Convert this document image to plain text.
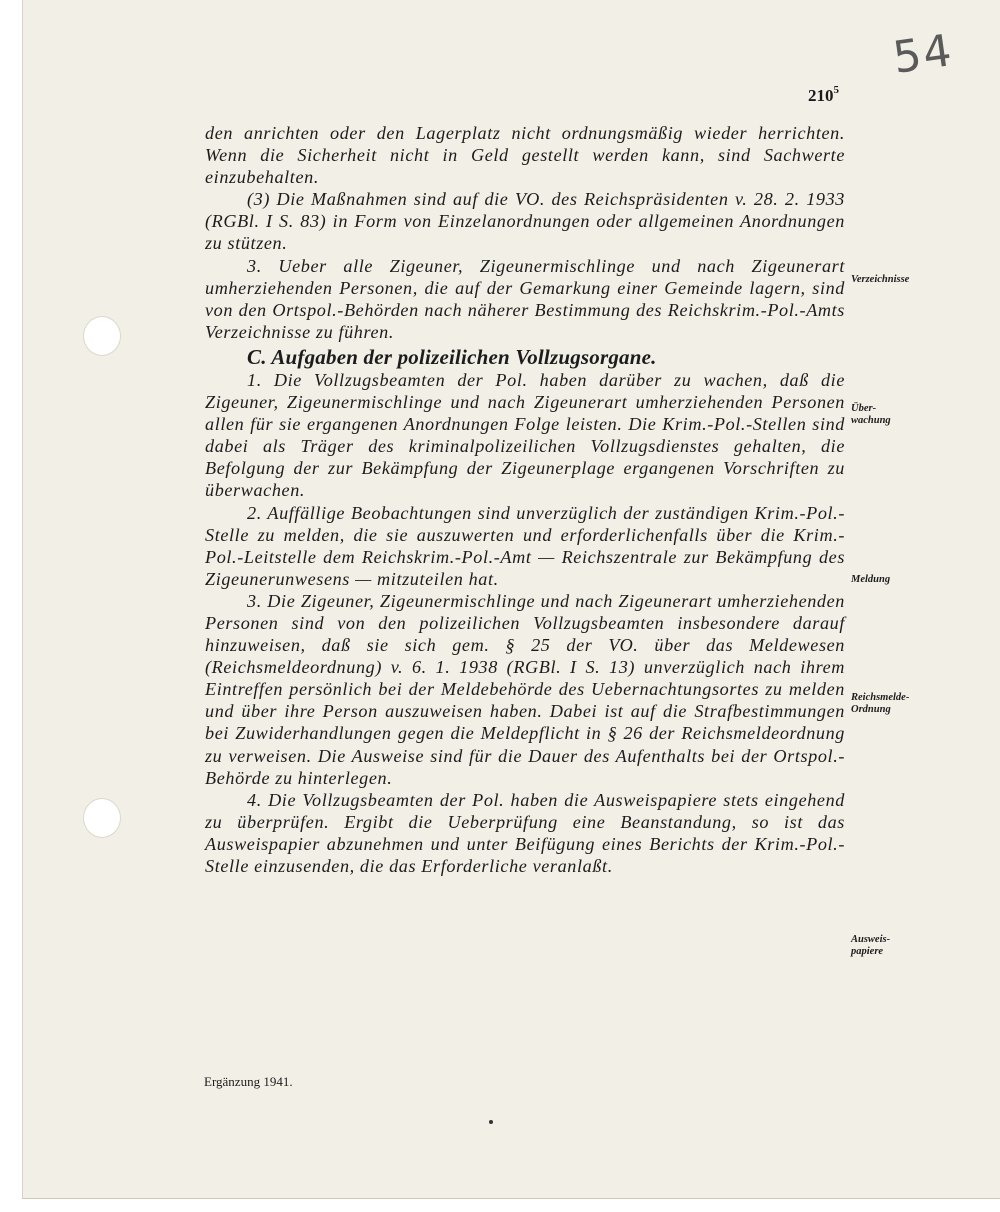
54
$210^5$

den anrichten oder den Lagerplatz nicht ordnungsmäßig wieder herrichten. Wenn die Sicherheit nicht in Geld gestellt werden kann, sind Sachwerte einzubehalten.

(3) Die Maßnahmen sind auf die VO. des Reichspräsidenten v. 28. 2. 1933 (RGBl. I S. 83) in Form von Einzelanordnungen oder allgemeinen Anordnungen zu stützen.

3. Ueber alle Zigeuner, Zigeunermischlinge und nach Zigeunerart umherziehenden Personen, die auf der Gemarkung einer Gemeinde lagern, sind von den Ortspol.-Behörden nach näherer Bestimmung des Reichskrim.-Pol.-Amts Verzeichnisse zu führen.

C. Aufgaben der polizeilichen Vollzugsorgane.

1. Die Vollzugsbeamten der Pol. haben darüber zu wachen, daß die Zigeuner, Zigeunermischlinge und nach Zigeunerart umherziehenden Personen allen für sie ergangenen Anordnungen Folge leisten. Die Krim.-Pol.-Stellen sind dabei als Träger des kriminalpolizeilichen Vollzugsdienstes gehalten, die Befolgung der zur Bekämpfung der Zigeunerplage ergangenen Vorschriften zu überwachen.

2. Auffällige Beobachtungen sind unverzüglich der zuständigen Krim.-Pol.-Stelle zu melden, die sie auszuwerten und erforderlichenfalls über die Krim.-Pol.-Leitstelle dem Reichskrim.-Pol.-Amt — Reichszentrale zur Bekämpfung des Zigeunerunwesens — mitzuteilen hat.

3. Die Zigeuner, Zigeunermischlinge und nach Zigeunerart umherziehenden Personen sind von den polizeilichen Vollzugsbeamten insbesondere darauf hinzuweisen, daß sie sich gem. § 25 der VO. über das Meldewesen (Reichsmeldeordnung) v. 6. 1. 1938 (RGBl. I S. 13) unverzüglich nach ihrem Eintreffen persönlich bei der Meldebehörde des Uebernachtungsortes zu melden und über ihre Person auszuweisen haben. Dabei ist auf die Strafbestimmungen bei Zuwiderhandlungen gegen die Meldepflicht in § 26 der Reichsmeldeordnung zu verweisen. Die Ausweise sind für die Dauer des Aufenthalts bei der Ortspol.-Behörde zu hinterlegen.

4. Die Vollzugsbeamten der Pol. haben die Ausweispapiere stets eingehend zu überprüfen. Ergibt die Ueberprüfung eine Beanstandung, so ist das Ausweispapier abzunehmen und unter Beifügung eines Berichts der Krim.-Pol.-Stelle einzusenden, die das Erforderliche veranlaßt.

Verzeichnisse
Über-
wachung
Meldung
Reichsmelde-
Ordnung
Ausweis-
papiere
Ergänzung 1941.
